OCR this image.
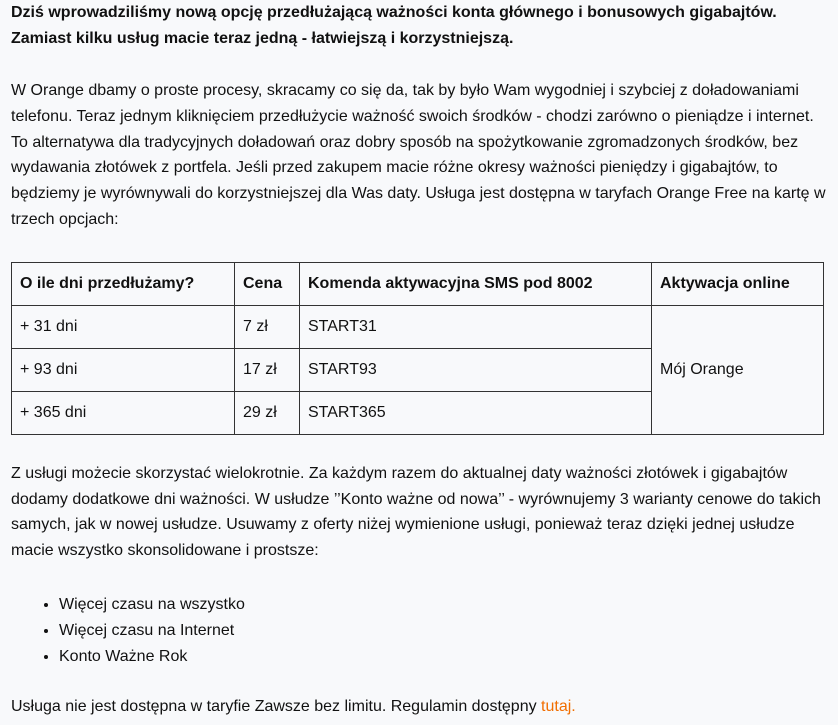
Dziś wprowadziliśmy nową opcję przedłużającą ważności konta głównego i bonusowych gigabajtów.
Zamiast kilku usług macie teraz jedną - łatwiejszą i korzystniejszą.

W Orange dbamy o proste procesy, skracamy co się da, tak by było Wam wygodniej i szybciej z doładowaniami telefonu. Teraz jednym kliknięciem przedłużycie ważność swoich środków - chodzi zarówno o pieniądze i internet. To alternatywa dla tradycyjnych doładowań oraz dobry sposób na spożytkowanie zgromadzonych środków, bez wydawania złotówek z portfela. Jeśli przed zakupem macie różne okresy ważności pieniędzy i gigabajtów, to będziemy je wyrównywali do korzystniejszej dla Was daty. Usługa jest dostępna w taryfach Orange Free na kartę w trzech opcjach:

O ile dni przedłużamy?	Cena	Komenda aktywacyjna SMS pod 8002	Aktywacja online
+ 31 dni	7 zł	START31	Mój Orange
+ 93 dni	17 zł	START93	
+ 365 dni	29 zł	START365	

Z usługi możecie skorzystać wielokrotnie. Za każdym razem do aktualnej daty ważności złotówek i gigabajtów dodamy dodatkowe dni ważności. W usłudze ’’Konto ważne od nowa’’ - wyrównujemy 3 warianty cenowe do takich samych, jak w nowej usłudze. Usuwamy z oferty niżej wymienione usługi, ponieważ teraz dzięki jednej usłudze macie wszystko skonsolidowane i prostsze:

• Więcej czasu na wszystko
• Więcej czasu na Internet
• Konto Ważne Rok

Usługa nie jest dostępna w taryfie Zawsze bez limitu. Regulamin dostępny tutaj.
